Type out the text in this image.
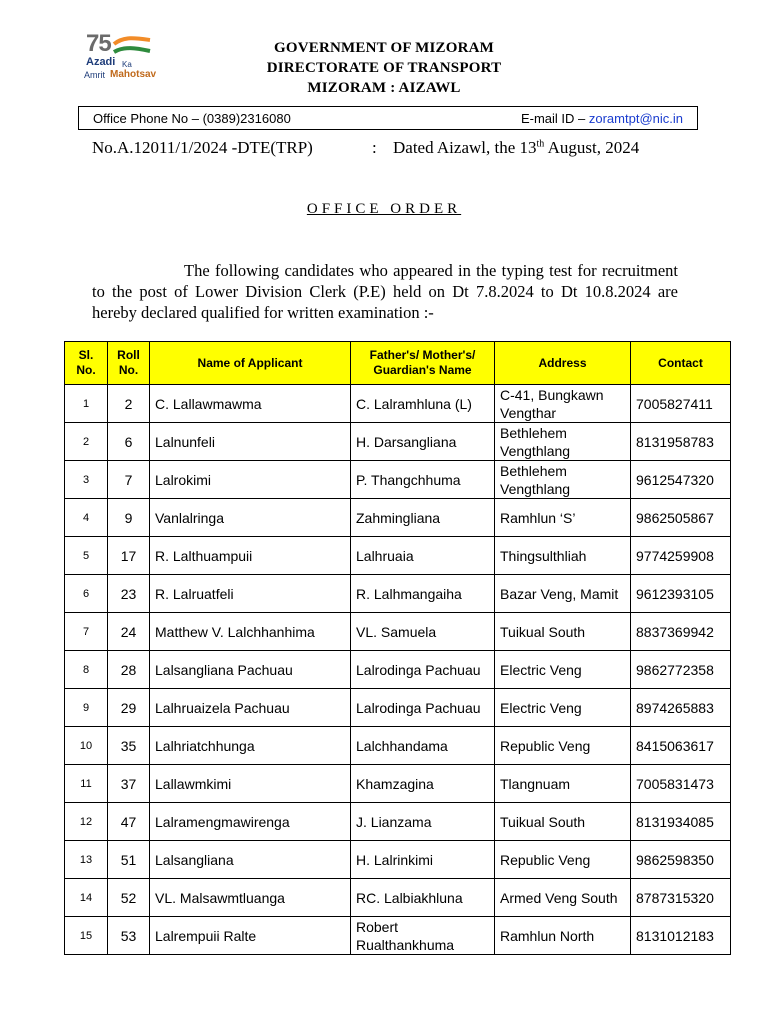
75
Azadi Ka
Amrit Mahotsav
GOVERNMENT OF MIZORAM
DIRECTORATE OF TRANSPORT
MIZORAM : AIZAWL
Office Phone No – (0389)2316080	E-mail ID – zoramtpt@nic.in
No.A.12011/1/2024 -DTE(TRP)	: Dated Aizawl, the 13th August, 2024
OFFICE ORDER
The following candidates who appeared in the typing test for recruitment to the post of Lower Division Clerk (P.E) held on Dt 7.8.2024 to Dt 10.8.2024 are hereby declared qualified for written examination :-
Sl. No.	Roll No.	Name of Applicant	Father's/ Mother's/ Guardian's Name	Address	Contact
1	2	C. Lallawmawma	C. Lalramhluna (L)	C-41, Bungkawn Vengthar	7005827411
2	6	Lalnunfeli	H. Darsangliana	Bethlehem Vengthlang	8131958783
3	7	Lalrokimi	P. Thangchhuma	Bethlehem Vengthlang	9612547320
4	9	Vanlalringa	Zahmingliana	Ramhlun ‘S’	9862505867
5	17	R. Lalthuampuii	Lalhruaia	Thingsulthliah	9774259908
6	23	R. Lalruatfeli	R. Lalhmangaiha	Bazar Veng, Mamit	9612393105
7	24	Matthew V. Lalchhanhima	VL. Samuela	Tuikual South	8837369942
8	28	Lalsangliana Pachuau	Lalrodinga Pachuau	Electric Veng	9862772358
9	29	Lalhruaizela Pachuau	Lalrodinga Pachuau	Electric Veng	8974265883
10	35	Lalhriatchhunga	Lalchhandama	Republic Veng	8415063617
11	37	Lallawmkimi	Khamzagina	Tlangnuam	7005831473
12	47	Lalramengmawirenga	J. Lianzama	Tuikual South	8131934085
13	51	Lalsangliana	H. Lalrinkimi	Republic Veng	9862598350
14	52	VL. Malsawmtluanga	RC. Lalbiakhluna	Armed Veng South	8787315320
15	53	Lalrempuii Ralte	Robert Rualthankhuma	Ramhlun North	8131012183
